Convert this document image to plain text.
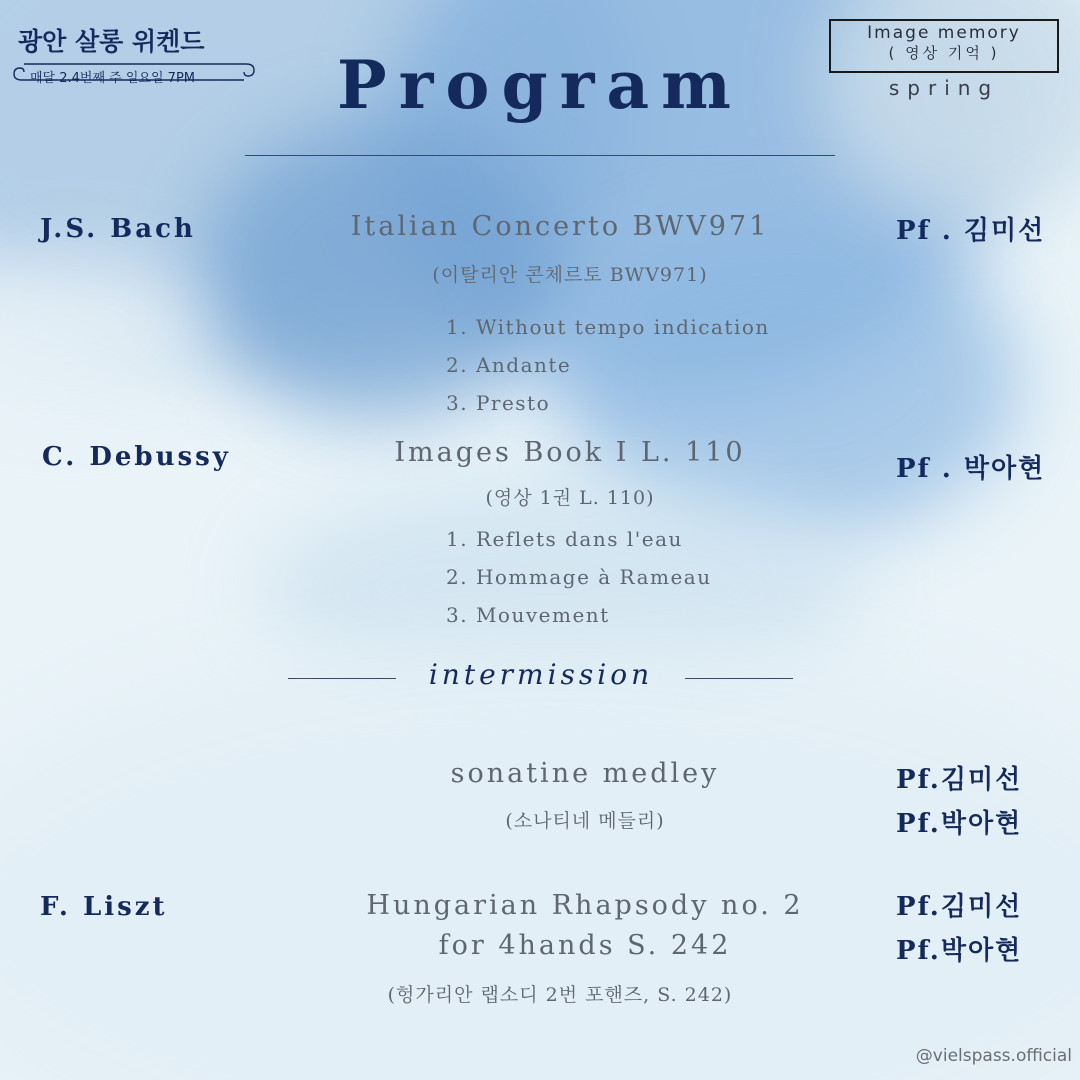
광안 살롱 위켄드
매달 2.4번째 주 일요일 7PM	Program
Image memory
( 영상 기억 )
spring
J.S. Bach	Italian Concerto BWV971
(이탈리안 콘체르토 BWV971)
1. Without tempo indication
2. Andante
3. Presto
Pf . 김미선
C. Debussy	Images Book I L. 110
(영상 1권 L. 110)
1. Reflets dans l'eau
2. Hommage à Rameau
3. Mouvement
Pf . 박아현
intermission
sonatine medley
(소나티네 메들리)
Pf.김미선
Pf.박아현
F. Liszt	Hungarian Rhapsody no. 2
for 4hands S. 242
(헝가리안 랩소디 2번 포핸즈, S. 242)
Pf.김미선
Pf.박아현
@vielspass.official
